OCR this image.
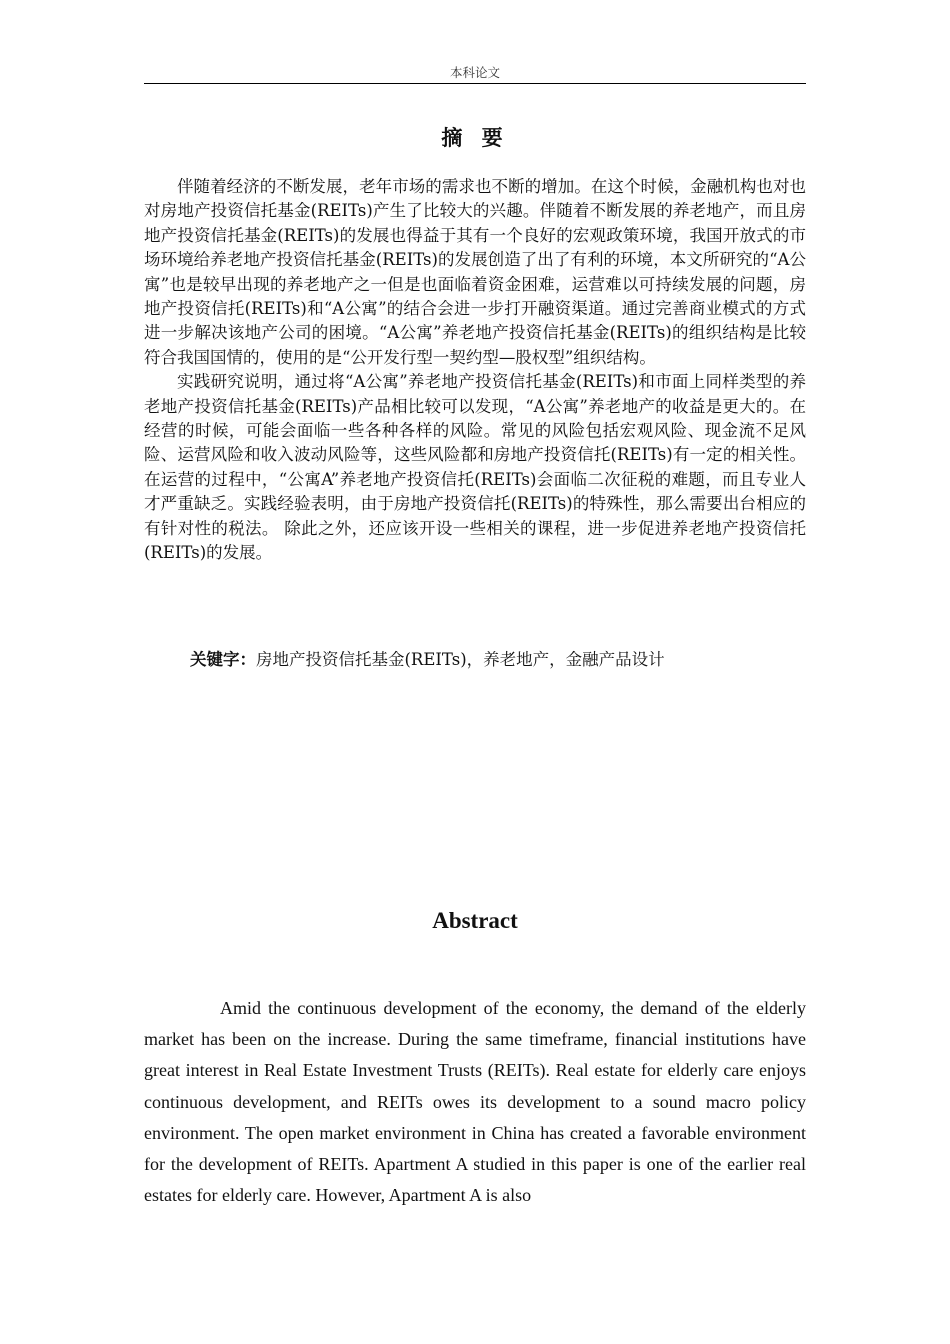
本科论文
摘 要

伴随着经济的不断发展，老年市场的需求也不断的增加。在这个时候，金融机构也对也对房地产投资信托基金(REITs)产生了比较大的兴趣。伴随着不断发展的养老地产，而且房地产投资信托基金(REITs)的发展也得益于其有一个良好的宏观政策环境，我国开放式的市场环境给养老地产投资信托基金(REITs)的发展创造了出了有利的环境，本文所研究的“A公寓”也是较早出现的养老地产之一但是也面临着资金困难，运营难以可持续发展的问题，房地产投资信托(REITs)和“A公寓”的结合会进一步打开融资渠道。通过完善商业模式的方式进一步解决该地产公司的困境。“A公寓”养老地产投资信托基金(REITs)的组织结构是比较符合我国国情的，使用的是“公开发行型一契约型—股权型”组织结构。

实践研究说明，通过将“A公寓”养老地产投资信托基金(REITs)和市面上同样类型的养老地产投资信托基金(REITs)产品相比较可以发现，“A公寓”养老地产的收益是更大的。在经营的时候，可能会面临一些各种各样的风险。常见的风险包括宏观风险、现金流不足风险、运营风险和收入波动风险等，这些风险都和房地产投资信托(REITs)有一定的相关性。在运营的过程中，“公寓A”养老地产投资信托(REITs)会面临二次征税的难题，而且专业人才严重缺乏。实践经验表明，由于房地产投资信托(REITs)的特殊性，那么需要出台相应的有针对性的税法。 除此之外，还应该开设一些相关的课程，进一步促进养老地产投资信托(REITs)的发展。

关键字：房地产投资信托基金(REITs)，养老地产，金融产品设计
Abstract

Amid the continuous development of the economy, the demand of the elderly market has been on the increase. During the same timeframe, financial institutions have great interest in Real Estate Investment Trusts (REITs). Real estate for elderly care enjoys continuous development, and REITs owes its development to a sound macro policy environment. The open market environment in China has created a favorable environment for the development of REITs. Apartment A studied in this paper is one of the earlier real estates for elderly care. However, Apartment A is also
